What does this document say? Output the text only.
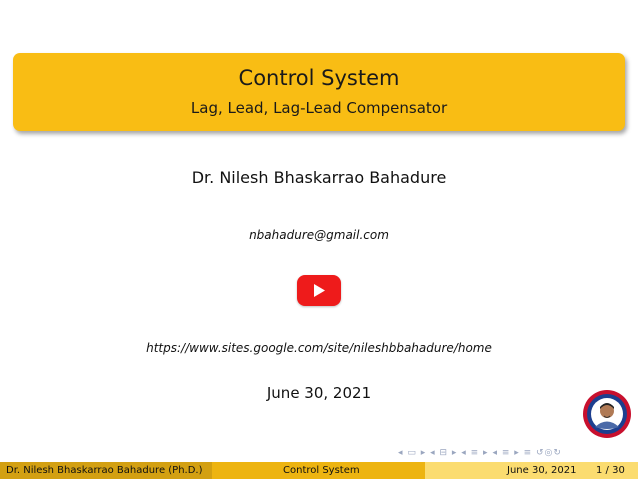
Control System
Lag, Lead, Lag-Lead Compensator
Dr. Nilesh Bhaskarrao Bahadure
nbahadure@gmail.com
https://www.sites.google.com/site/nileshbbahadure/home
June 30, 2021
◂ ▭ ▸ ◂ ⊟ ▸ ◂ ≡ ▸ ◂ ≡ ▸ ≡ ↺◎↻
Dr. Nilesh Bhaskarrao Bahadure (Ph.D.)	Control System	June 30, 2021 1 / 30
